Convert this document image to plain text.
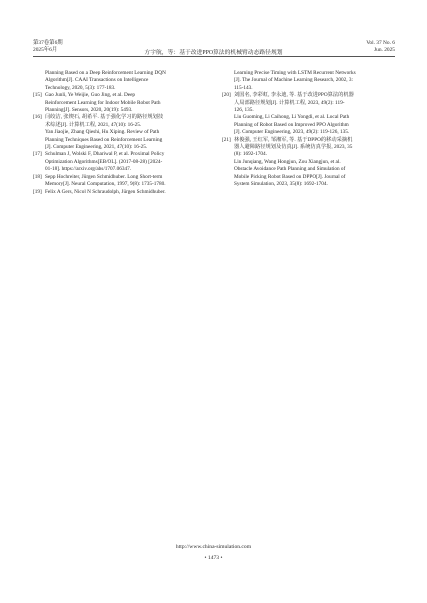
第37卷第6期
2025年6月	方宇航，等：基于改进PPO算法的机械臂动态路径规划
Vol. 37 No. 6
Jun. 2025
Planning Based on a Deep Reinforcement Learning DQN
Algorithm[J]. CAAI Transactions on Intelligence
Technology, 2020, 5(3): 177-183.
[15] Gao Junli, Ye Weijie, Guo Jing, et al. Deep
Reinforcement Learning for Indoor Mobile Robot Path
Planning[J]. Sensors, 2020, 20(19): 5493.
[16] 闫皎洁, 张锲石, 胡希平. 基于强化学习的路径规划技
术综述[J]. 计算机工程, 2021, 47(10): 16-25.
Yan Jiaojie, Zhang Qieshi, Hu Xiping. Review of Path
Planning Techniques Based on Reinforcement Learning
[J]. Computer Engineering, 2021, 47(10): 16-25.
[17] Schulman J, Wolski F, Dhariwal P, et al. Proximal Policy
Optimization Algorithms[EB/OL]. (2017-08-28) [2024-
01-18]. https://arxiv.org/abs/1707.06347.
[18] Sepp Hochreiter, Jürgen Schmidhuber. Long Short-term
Memory[J]. Neural Computation, 1997, 9(8): 1735-1780.
[19] Felix A Gers, Nicol N Schraudolph, Jürgen Schmidhuber.
Learning Precise Timing with LSTM Recurrent Networks
[J]. The Journal of Machine Learning Research, 2002, 3:
115-143.
[20] 刘国名, 李彩虹, 李永迪, 等. 基于改进PPO算法的机器
人局部路径规划[J]. 计算机工程, 2023, 49(2): 119-
126, 135.
Liu Guoming, Li Caihong, Li Yongdi, et al. Local Path
Planning of Robot Based on Improved PPO Algorithm
[J]. Computer Engineering, 2023, 49(2): 119-126, 135.
[21] 林俊强, 王红军, 邹湘军, 等. 基于DPPO的移动采摘机
器人避障路径规划及仿真[J]. 系统仿真学报, 2023, 35
(8): 1692-1704.
Lin Junqiang, Wang Hongjun, Zou Xiangjun, et al.
Obstacle Avoidance Path Planning and Simulation of
Mobile Picking Robot Based on DPPO[J]. Journal of
System Simulation, 2023, 35(8): 1692-1704.
http://www.china-simulation.com
• 1473 •
